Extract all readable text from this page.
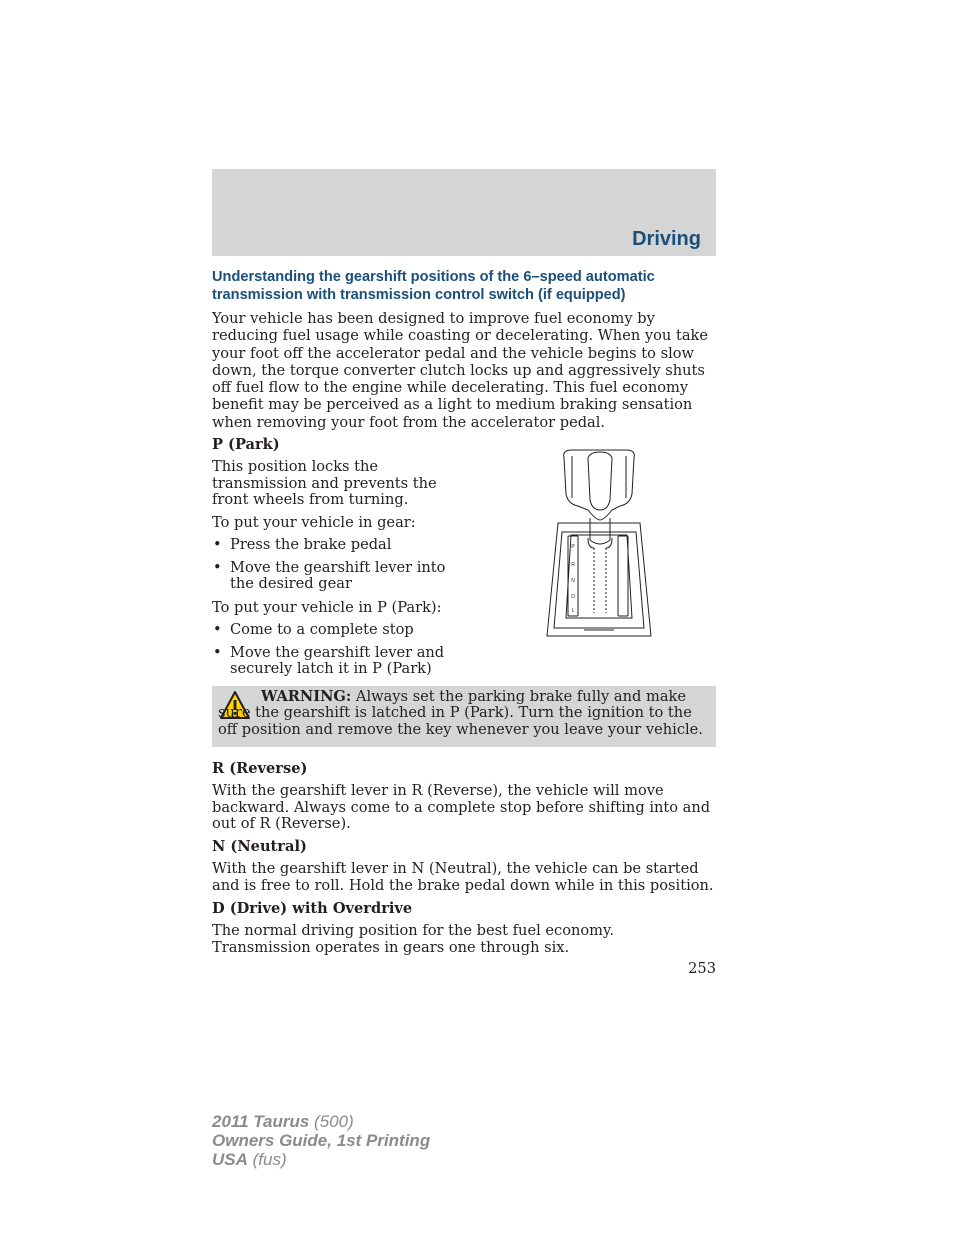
Driving
Understanding the gearshift positions of the 6–speed automatic transmission with transmission control switch (if equipped)

Your vehicle has been designed to improve fuel economy by reducing fuel usage while coasting or decelerating. When you take your foot off the accelerator pedal and the vehicle begins to slow down, the torque converter clutch locks up and aggressively shuts off fuel flow to the engine while decelerating. This fuel economy benefit may be perceived as a light to medium braking sensation when removing your foot from the accelerator pedal.

P (Park)

This position locks the transmission and prevents the front wheels from turning.

To put your vehicle in gear:

• Press the brake pedal
• Move the gearshift lever into the desired gear

To put your vehicle in P (Park):

• Come to a complete stop
• Move the gearshift lever and securely latch it in P (Park)
P
R
N
D
L

WARNING: Always set the parking brake fully and make sure the gearshift is latched in P (Park). Turn the ignition to the off position and remove the key whenever you leave your vehicle.

R (Reverse)

With the gearshift lever in R (Reverse), the vehicle will move backward. Always come to a complete stop before shifting into and out of R (Reverse).

N (Neutral)

With the gearshift lever in N (Neutral), the vehicle can be started and is free to roll. Hold the brake pedal down while in this position.

D (Drive) with Overdrive

The normal driving position for the best fuel economy. Transmission operates in gears one through six.

253
2011 Taurus (500)
Owners Guide, 1st Printing
USA (fus)
